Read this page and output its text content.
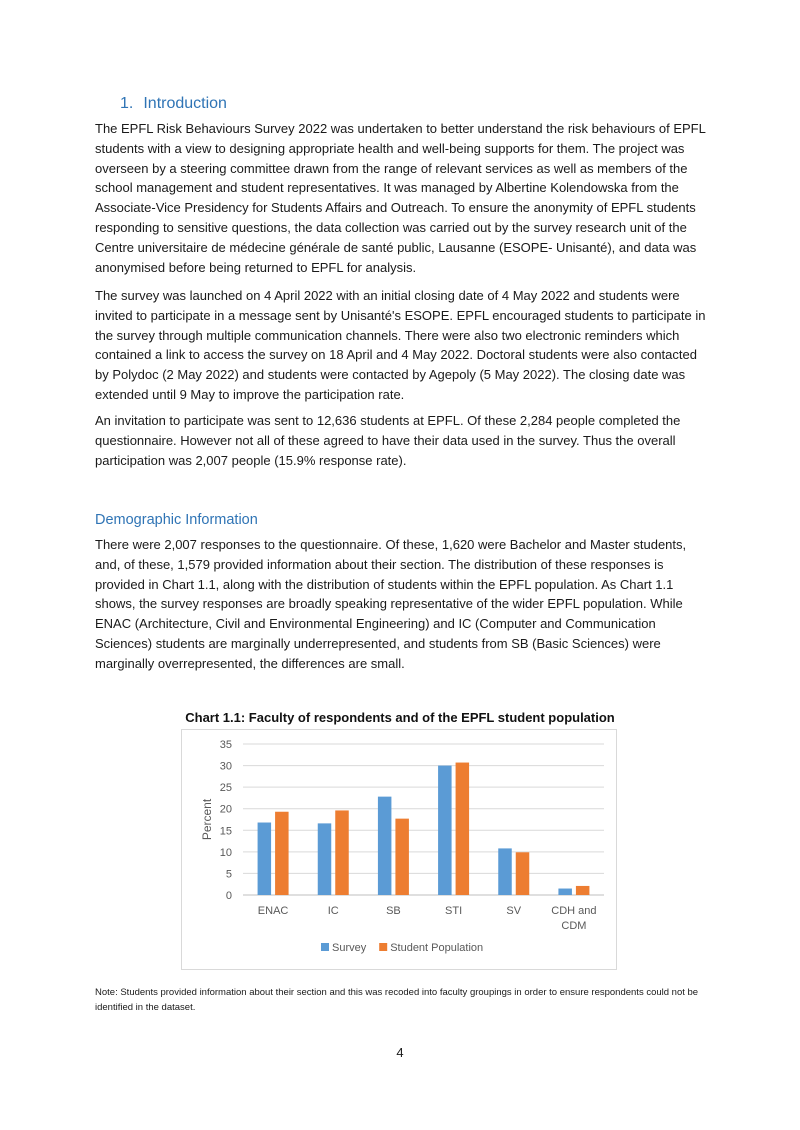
1. Introduction

The EPFL Risk Behaviours Survey 2022 was undertaken to better understand the risk behaviours of EPFL students with a view to designing appropriate health and well-being supports for them. The project was overseen by a steering committee drawn from the range of relevant services as well as members of the school management and student representatives. It was managed by Albertine Kolendowska from the Associate-Vice Presidency for Students Affairs and Outreach. To ensure the anonymity of EPFL students responding to sensitive questions, the data collection was carried out by the survey research unit of the Centre universitaire de médecine générale de santé public, Lausanne (ESOPE- Unisanté), and data was anonymised before being returned to EPFL for analysis.

The survey was launched on 4 April 2022 with an initial closing date of 4 May 2022 and students were invited to participate in a message sent by Unisanté's ESOPE. EPFL encouraged students to participate in the survey through multiple communication channels. There were also two electronic reminders which contained a link to access the survey on 18 April and 4 May 2022. Doctoral students were also contacted by Polydoc (2 May 2022) and students were contacted by Agepoly (5 May 2022). The closing date was extended until 9 May to improve the participation rate.

An invitation to participate was sent to 12,636 students at EPFL. Of these 2,284 people completed the questionnaire. However not all of these agreed to have their data used in the survey. Thus the overall participation was 2,007 people (15.9% response rate).

Demographic Information

There were 2,007 responses to the questionnaire. Of these, 1,620 were Bachelor and Master students, and, of these, 1,579 provided information about their section. The distribution of these responses is provided in Chart 1.1, along with the distribution of students within the EPFL population. As Chart 1.1 shows, the survey responses are broadly speaking representative of the wider EPFL population. While ENAC (Architecture, Civil and Environmental Engineering) and IC (Computer and Communication Sciences) students are marginally underrepresented, and students from SB (Basic Sciences) were marginally overrepresented, the differences are small.

Chart 1.1: Faculty of respondents and of the EPFL student population
0
5
10
15
20
25
30
35
Percent
ENAC	IC	SB	STI	SV	CDH and CDM
Survey Student Population

Note: Students provided information about their section and this was recoded into faculty groupings in order to ensure respondents could not be identified in the dataset.

4
